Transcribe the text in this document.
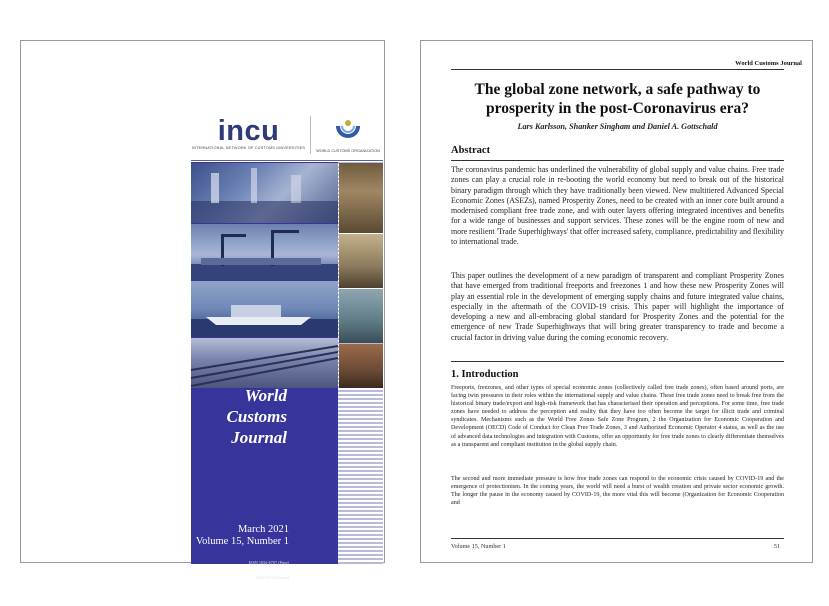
incu
INTERNATIONAL NETWORK OF CUSTOMS UNIVERSITIES
WORLD CUSTOMS ORGANIZATION
World
Customs
Journal
March 2021
Volume 15, Number 1

ISSN 1834-6707 (Print)

1834-6715 (Online)

World Customs Journal
The global zone network, a safe pathway to
prosperity in the post-Coronavirus era?
Lars Karlsson, Shanker Singham and Daniel A. Gottschald
Abstract

The coronavirus pandemic has underlined the vulnerability of global supply and value chains. Free trade zones can play a crucial role in re-booting the world economy but need to break out of the historical binary paradigm through which they have traditionally been viewed. New multitiered Advanced Special Economic Zones (ASEZs), named Prosperity Zones, need to be created with an inner core built around a modernised compliant free trade zone, and with outer layers offering integrated incentives and benefits for a wide range of businesses and support services. These zones will be the engine room of new and more resilient 'Trade Superhighways' that offer increased safety, compliance, predictability and flexibility to international trade.

This paper outlines the development of a new paradigm of transparent and compliant Prosperity Zones that have emerged from traditional freeports and freezones 1 and how these new Prosperity Zones will play an essential role in the development of emerging supply chains and future integrated value chains, especially in the aftermath of the COVID-19 crisis. This paper will highlight the importance of developing a new and all-embracing global standard for Prosperity Zones and the potential for the emergence of new Trade Superhighways that will bring greater transparency to trade and become a crucial factor in driving value during the coming economic recovery.

1. Introduction

Freeports, freezones, and other types of special economic zones (collectively called free trade zones), often based around ports, are facing twin pressures in their roles within the international supply and value chains. These free trade zones need to break free from the historical binary trade/export and high-risk framework that has characterised their operation and perceptions. For some time, free trade zones have needed to address the perception and reality that they have too often become the target for illicit trade and criminal syndicates. Mechanisms such as the World Free Zones Safe Zone Program, 2 the Organization for Economic Cooperation and Development (OECD) Code of Conduct for Clean Free Trade Zones, 3 and Authorized Economic Operator 4 status, as well as the use of advanced data technologies and integration with Customs, offer an opportunity for free trade zones to clearly differentiate themselves as a transparent and compliant institution in the global supply chain.

The second and more immediate pressure is how free trade zones can respond to the economic crisis caused by COVID-19 and the emergence of protectionism. In the coming years, the world will need a burst of wealth creation and private sector economic growth. The longer the pause in the economy caused by COVID-19, the more vital this will become (Organization for Economic Cooperation and

Volume 15, Number 1	51
